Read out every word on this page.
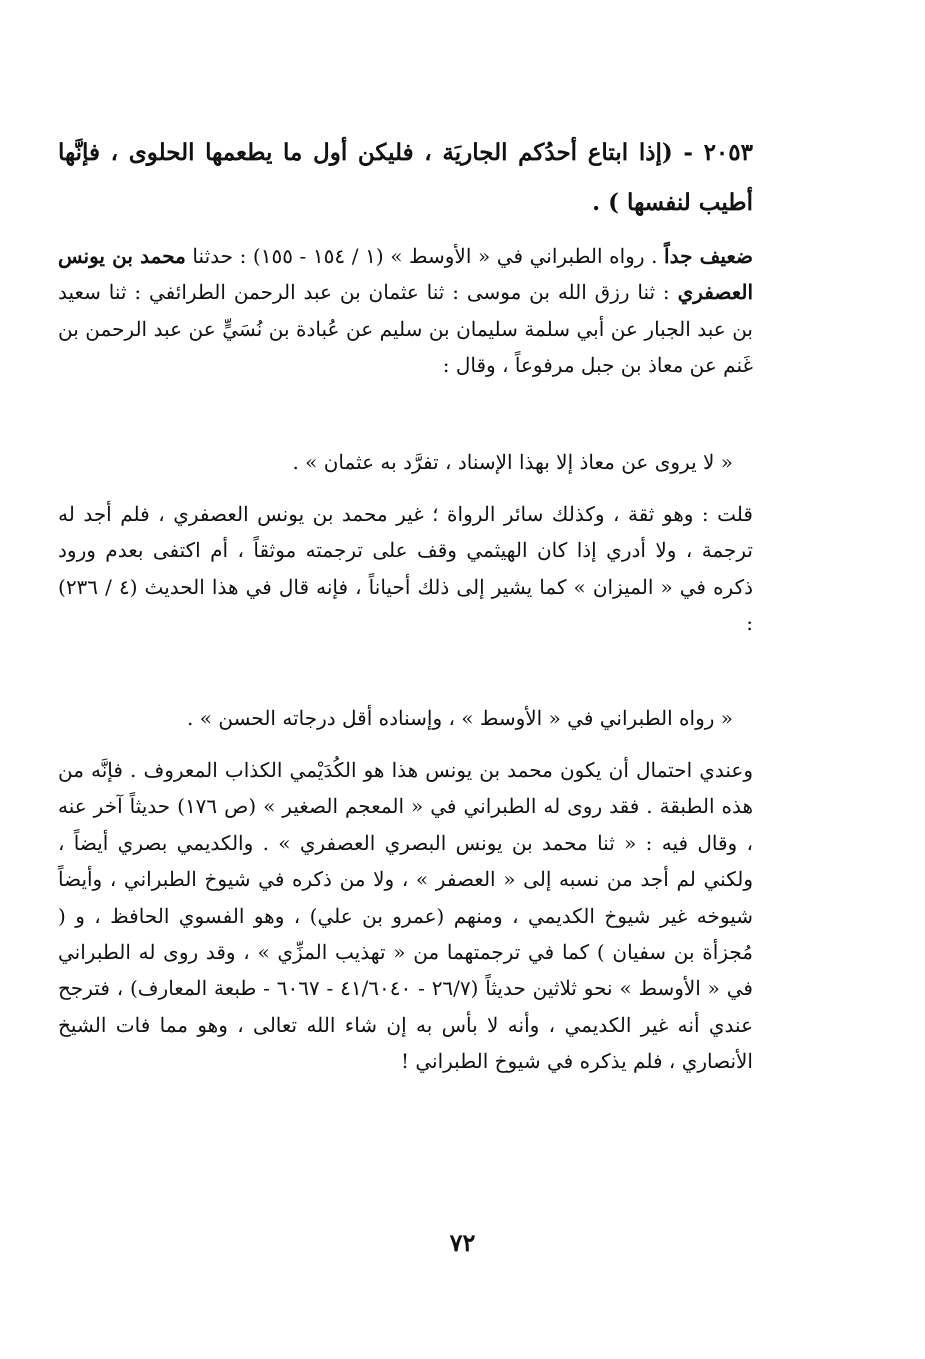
٢٠٥٣ - (إذا ابتاع أحدُكم الجاريَة ، فليكن أول ما يطعمها الحلوى ، فإنَّها أطيب لنفسها ) .
ضعيف جداً . رواه الطبراني في « الأوسط » (١ / ١٥٤ - ١٥٥) : حدثنا محمد بن يونس العصفري : ثنا رزق الله بن موسى : ثنا عثمان بن عبد الرحمن الطرائفي : ثنا سعيد بن عبد الجبار عن أبي سلمة سليمان بن سليم عن عُبادة بن نُسَيٍّ عن عبد الرحمن بن غَنم عن معاذ بن جبل مرفوعاً ، وقال :
« لا يروى عن معاذ إلا بهذا الإسناد ، تفرَّد به عثمان » .
قلت : وهو ثقة ، وكذلك سائر الرواة ؛ غير محمد بن يونس العصفري ، فلم أجد له ترجمة ، ولا أدري إذا كان الهيثمي وقف على ترجمته موثقاً ، أم اكتفى بعدم ورود ذكره في « الميزان » كما يشير إلى ذلك أحياناً ، فإنه قال في هذا الحديث (٤ / ٢٣٦) :
« رواه الطبراني في « الأوسط » ، وإسناده أقل درجاته الحسن » .
وعندي احتمال أن يكون محمد بن يونس هذا هو الكُدَيْمي الكذاب المعروف . فإنَّه من هذه الطبقة . فقد روى له الطبراني في « المعجم الصغير » (ص ١٧٦) حديثاً آخر عنه ، وقال فيه : « ثنا محمد بن يونس البصري العصفري » . والكديمي بصري أيضاً ، ولكني لم أجد من نسبه إلى « العصفر » ، ولا من ذكره في شيوخ الطبراني ، وأيضاً شيوخه غير شيوخ الكديمي ، ومنهم (عمرو بن علي) ، وهو الفسوي الحافظ ، و ( مُجزأة بن سفيان ) كما في ترجمتهما من « تهذيب المزِّي » ، وقد روى له الطبراني في « الأوسط » نحو ثلاثين حديثاً (٢٦/٧ - ٤١/٦٠٤٠ - ٦٠٦٧ - طبعة المعارف) ، فترجح عندي أنه غير الكديمي ، وأنه لا بأس به إن شاء الله تعالى ، وهو مما فات الشيخ الأنصاري ، فلم يذكره في شيوخ الطبراني !
٧٢
